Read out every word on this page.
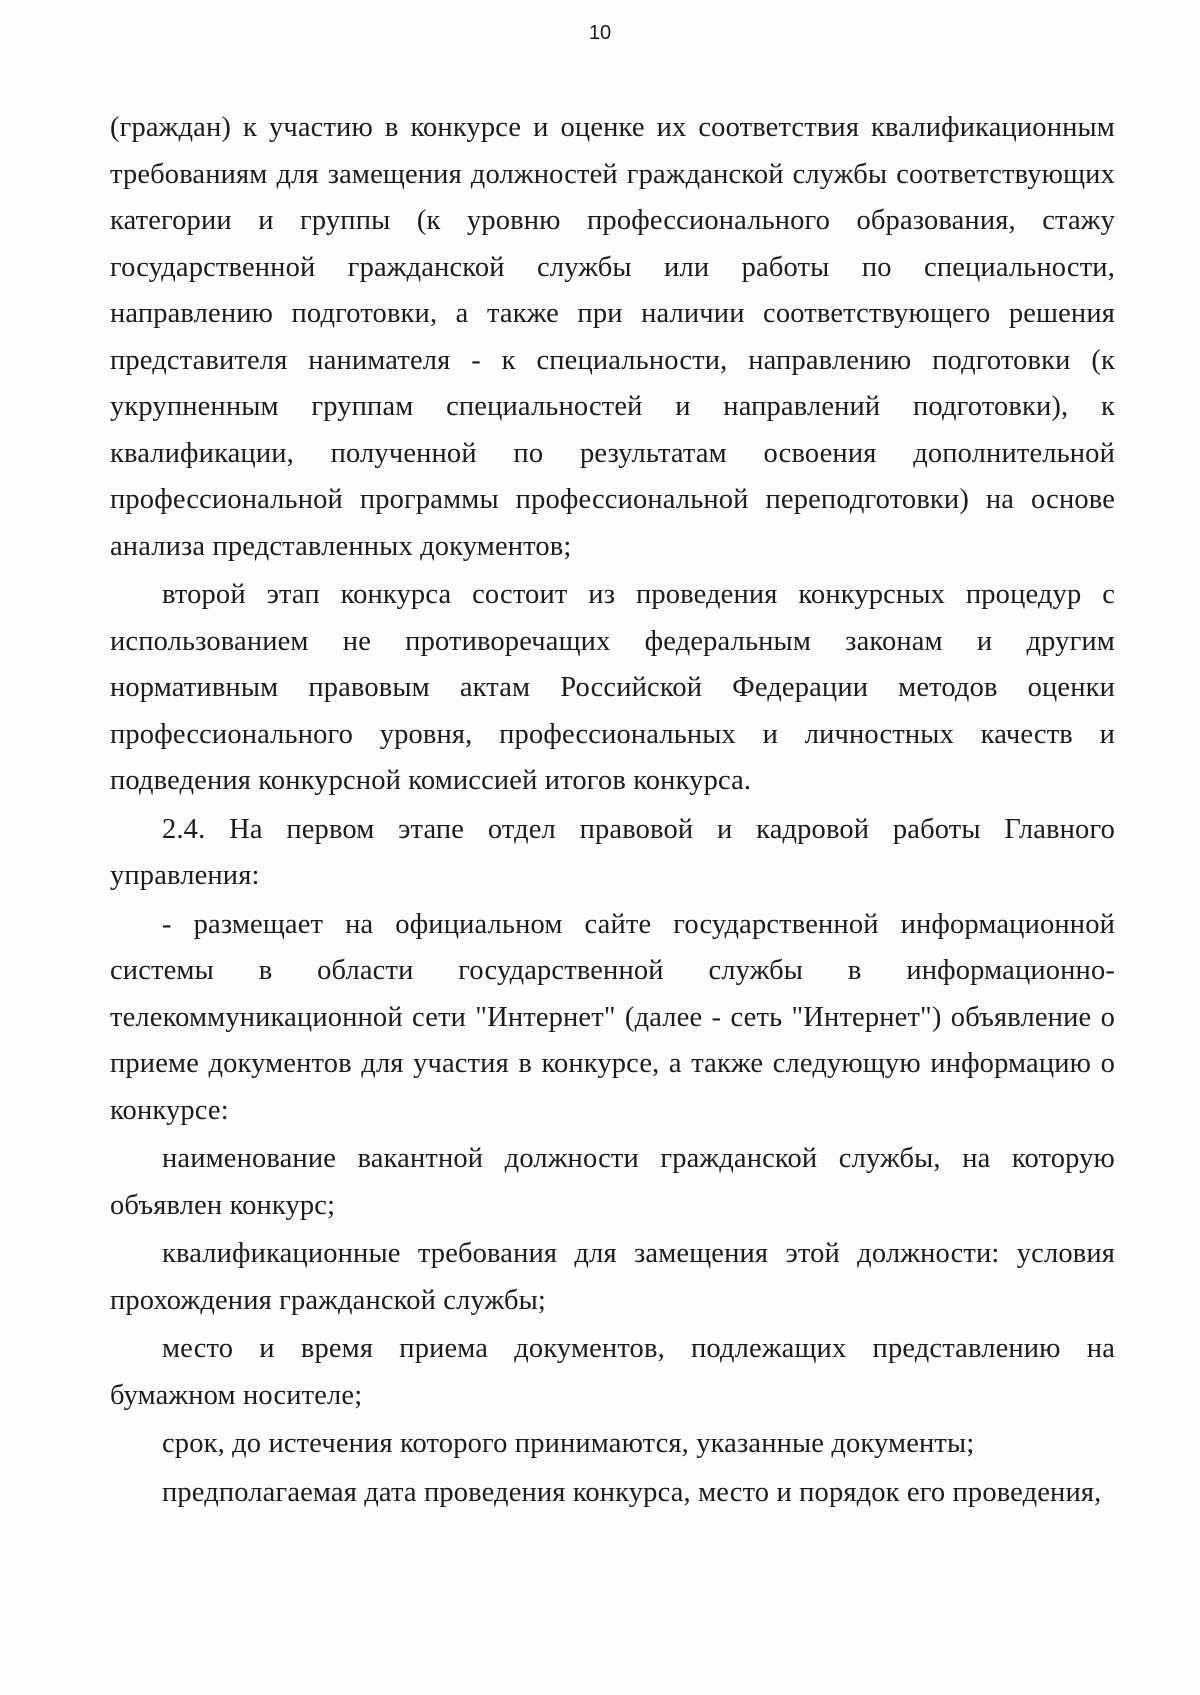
10

(граждан) к участию в конкурсе и оценке их соответствия квалификационным требованиям для замещения должностей гражданской службы соответствующих категории и группы (к уровню профессионального образования, стажу государственной гражданской службы или работы по специальности, направлению подготовки, а также при наличии соответствующего решения представителя нанимателя - к специальности, направлению подготовки (к укрупненным группам специальностей и направлений подготовки), к квалификации, полученной по результатам освоения дополнительной профессиональной программы профессиональной переподготовки) на основе анализа представленных документов;

второй этап конкурса состоит из проведения конкурсных процедур с использованием не противоречащих федеральным законам и другим нормативным правовым актам Российской Федерации методов оценки профессионального уровня, профессиональных и личностных качеств и подведения конкурсной комиссией итогов конкурса.

2.4. На первом этапе отдел правовой и кадровой работы Главного управления:

- размещает на официальном сайте государственной информационной системы в области государственной службы в информационно-телекоммуникационной сети "Интернет" (далее - сеть "Интернет") объявление о приеме документов для участия в конкурсе, а также следующую информацию о конкурсе:

наименование вакантной должности гражданской службы, на которую объявлен конкурс;

квалификационные требования для замещения этой должности: условия прохождения гражданской службы;

место и время приема документов, подлежащих представлению на бумажном носителе;

срок, до истечения которого принимаются, указанные документы;

предполагаемая дата проведения конкурса, место и порядок его проведения,
